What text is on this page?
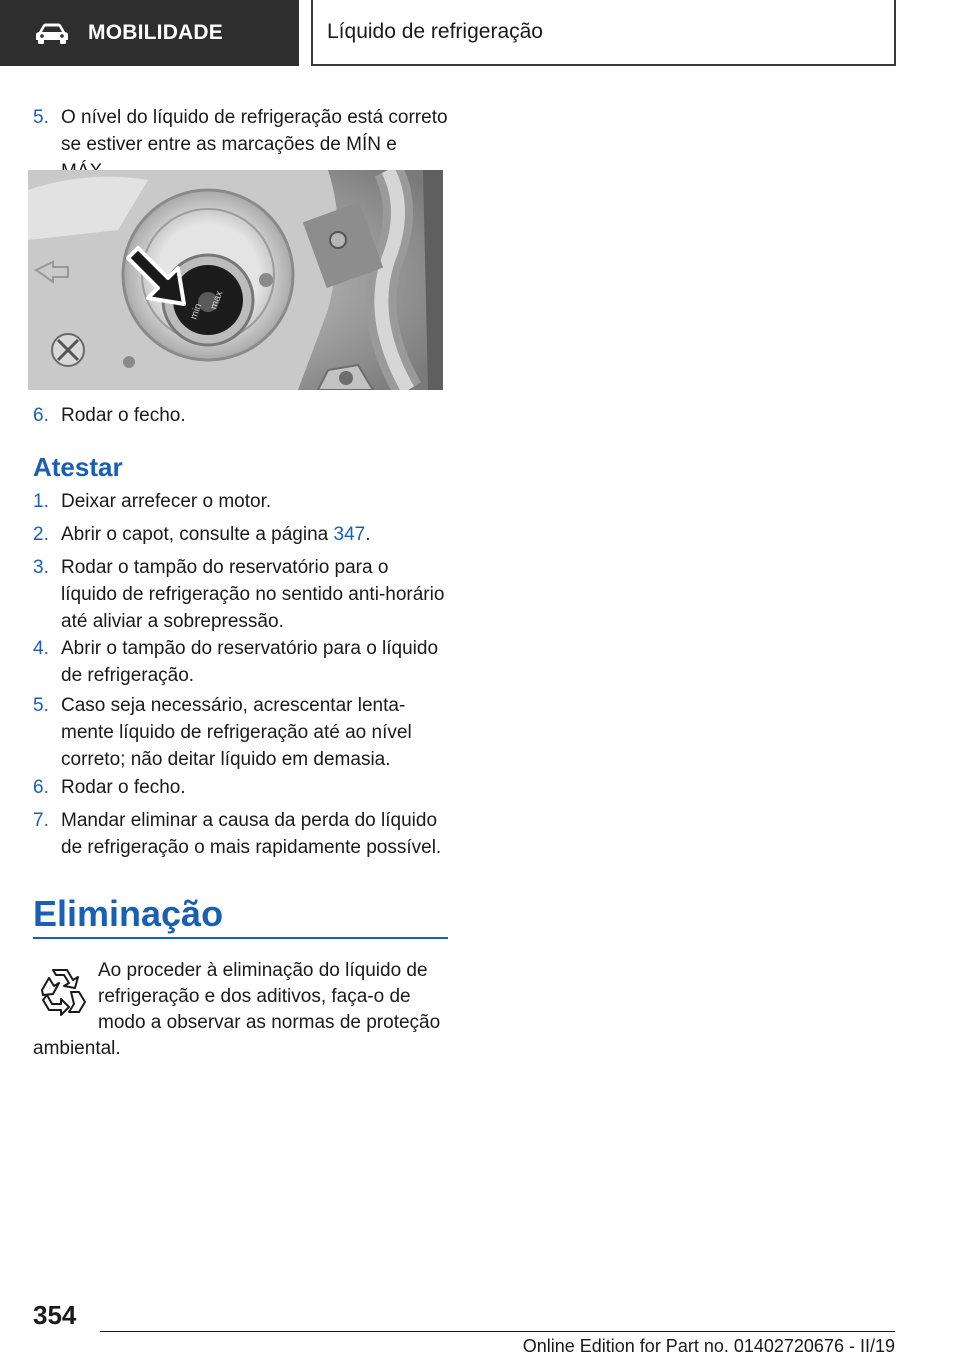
MOBILIDADE	Líquido de refrigeração
5. O nível do líquido de refrigeração está correto se estiver entre as marcações de MÍN e
max
min
6. Rodar o fecho.
Atestar
1. Deixar arrefecer o motor.
2. Abrir o capot, consulte a página 347.
3. Rodar o tampão do reservatório para o líquido de refrigeração no sentido anti-horário até aliviar a sobrepressão.
4. Abrir o tampão do reservatório para o líquido de refrigeração.
5. Caso seja necessário, acrescentar lentamente líquido de refrigeração até ao nível correto; não deitar líquido em demasia.
6. Rodar o fecho.
7. Mandar eliminar a causa da perda do líquido de refrigeração o mais rapidamente possível.
Eliminação
Ao proceder à eliminação do líquido de refrigeração e dos aditivos, faça-o de modo a observar as normas de proteção ambiental.
354
Online Edition for Part no. 01402720676 - II/19
